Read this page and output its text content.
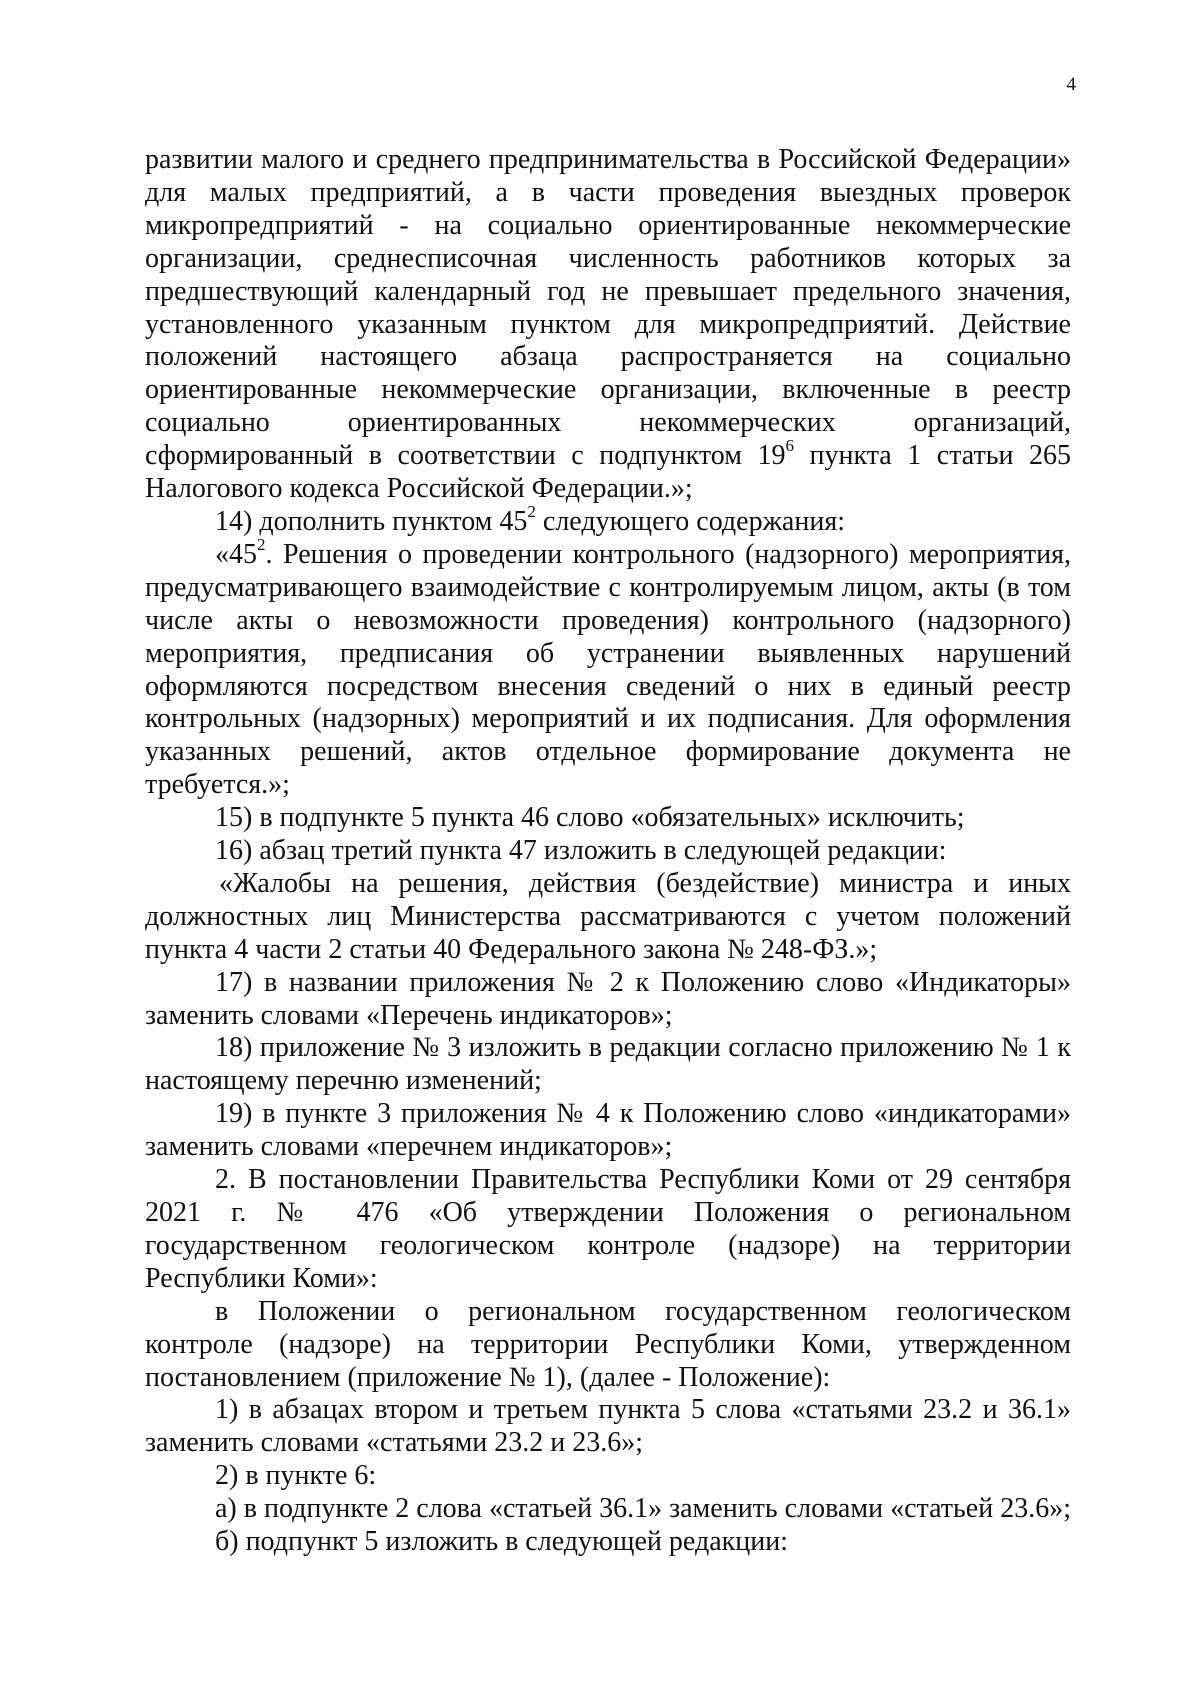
4

развитии малого и среднего предпринимательства в Российской Федерации» для малых предприятий, а в части проведения выездных проверок микропредприятий - на социально ориентированные некоммерческие организации, среднесписочная численность работников которых за предшествующий календарный год не превышает предельного значения, установленного указанным пунктом для микропредприятий. Действие положений настоящего абзаца распространяется на социально ориентированные некоммерческие организации, включенные в реестр социально ориентированных некоммерческих организаций, сформированный в соответствии с подпунктом $19^6$ пункта 1 статьи 265 Налогового кодекса Российской Федерации.»;

14) дополнить пунктом $45^2$ следующего содержания:

«$45^2$. Решения о проведении контрольного (надзорного) мероприятия, предусматривающего взаимодействие с контролируемым лицом, акты (в том числе акты о невозможности проведения) контрольного (надзорного) мероприятия, предписания об устранении выявленных нарушений оформляются посредством внесения сведений о них в единый реестр контрольных (надзорных) мероприятий и их подписания. Для оформления указанных решений, актов отдельное формирование документа не требуется.»;

15) в подпункте 5 пункта 46 слово «обязательных» исключить;

16) абзац третий пункта 47 изложить в следующей редакции:

«Жалобы на решения, действия (бездействие) министра и иных должностных лиц Министерства рассматриваются с учетом положений пункта 4 части 2 статьи 40 Федерального закона № 248-ФЗ.»;

17) в названии приложения № 2 к Положению слово «Индикаторы» заменить словами «Перечень индикаторов»;

18) приложение № 3 изложить в редакции согласно приложению № 1 к настоящему перечню изменений;

19) в пункте 3 приложения № 4 к Положению слово «индикаторами» заменить словами «перечнем индикаторов»;

2. В постановлении Правительства Республики Коми от 29 сентября 2021 г. № 476 «Об утверждении Положения о региональном государственном геологическом контроле (надзоре) на территории Республики Коми»:

в Положении о региональном государственном геологическом контроле (надзоре) на территории Республики Коми, утвержденном постановлением (приложение № 1), (далее - Положение):

1) в абзацах втором и третьем пункта 5 слова «статьями 23.2 и 36.1» заменить словами «статьями 23.2 и 23.6»;

2) в пункте 6:

а) в подпункте 2 слова «статьей 36.1» заменить словами «статьей 23.6»;

б) подпункт 5 изложить в следующей редакции:
